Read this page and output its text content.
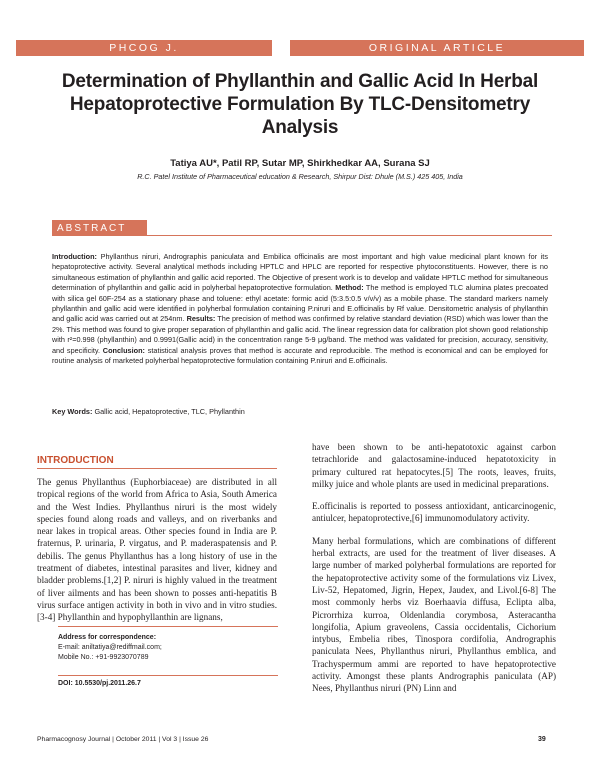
PHCOG J.	ORIGINAL ARTICLE
Determination of Phyllanthin and Gallic Acid In Herbal Hepatoprotective Formulation By TLC-Densitometry Analysis
Tatiya AU*, Patil RP, Sutar MP, Shirkhedkar AA, Surana SJ
R.C. Patel Institute of Pharmaceutical education & Research, Shirpur Dist: Dhule (M.S.) 425 405, India
ABSTRACT
Introduction: Phyllanthus niruri, Andrographis paniculata and Embilica officinalis are most important and high value medicinal plant known for its hepatoprotective activity. Several analytical methods including HPTLC and HPLC are reported for respective phytoconstituents. However, there is no simultaneous estimation of phyllanthin and gallic acid reported. The Objective of present work is to develop and validate HPTLC method for simultaneous determination of phyllanthin and gallic acid in polyherbal hepatoprotective formulation. Method: The method is employed TLC alumina plates precoated with silica gel 60F-254 as a stationary phase and toluene: ethyl acetate: formic acid (5:3.5:0.5 v/v/v) as a mobile phase. The standard markers namely phyllanthin and gallic acid were identified in polyherbal formulation containing P.niruri and E.officinalis by Rf value. Densitometric analysis of phyllanthin and gallic acid was carried out at 254nm. Results: The precision of method was confirmed by relative standard deviation (RSD) which was lower than the 2%. This method was found to give proper separation of phyllanthin and gallic acid. The linear regression data for calibration plot shown good relationship with r²=0.998 (phyllanthin) and 0.9991(Gallic acid) in the concentration range 5-9 μg/band. The method was validated for precision, accuracy, sensitivity, and specificity. Conclusion: statistical analysis proves that method is accurate and reproducible. The method is economical and can be employed for routine analysis of marketed polyherbal hepatoprotective formulation containing P.niruri and E.officinalis.
Key Words: Gallic acid, Hepatoprotective, TLC, Phyllanthin
INTRODUCTION

The genus Phyllanthus (Euphorbiaceae) are distributed in all tropical regions of the world from Africa to Asia, South America and the West Indies. Phyllanthus niruri is the most widely species found along roads and valleys, and on riverbanks and near lakes in tropical areas. Other species found in India are P. fraternus, P. urinaria, P. virgatus, and P. maderaspatensis and P. debilis. The genus Phyllanthus has a long history of use in the treatment of diabetes, intestinal parasites and liver, kidney and bladder problems.[1,2] P. niruri is highly valued in the treatment of liver ailments and has been shown to posses anti-hepatitis B virus surface antigen activity in both in vivo and in vitro studies.[3-4] Phyllanthin and hypophyllanthin are lignans,

have been shown to be anti-hepatotoxic against carbon tetrachloride and galactosamine-induced hepatotoxicity in primary cultured rat hepatocytes.[5] The roots, leaves, fruits, milky juice and whole plants are used in medicinal preparations.

E.officinalis is reported to possess antioxidant, anticarcinogenic, antiulcer, hepatoprotective,[6] immunomodulatory activity.

Many herbal formulations, which are combinations of different herbal extracts, are used for the treatment of liver diseases. A large number of marked polyherbal formulations are reported for the hepatoprotective activity some of the formulations viz Livex, Liv-52, Hepatomed, Jigrin, Hepex, Jaudex, and Livol.[6-8] The most commonly herbs viz Boerhaavia diffusa, Eclipta alba, Picrorrhiza kurroa, Oldenlandia corymbosa, Asteracantha longifolia, Apium graveolens, Cassia occidentalis, Cichorium intybus, Embelia ribes, Tinospora cordifolia, Andrographis paniculata Nees, Phyllanthus niruri, Phyllanthus emblica, and Trachyspermum ammi are reported to have hepatoprotective activity. Amongst these plants Andrographis paniculata (AP) Nees, Phyllanthus niruri (PN) Linn and

Address for correspondence:
E-mail: aniltatiya@rediffmail.com;
Mobile No.: +91-9923070789
DOI: 10.5530/pj.2011.26.7
Pharmacognosy Journal | October 2011 | Vol 3 | Issue 26	39
